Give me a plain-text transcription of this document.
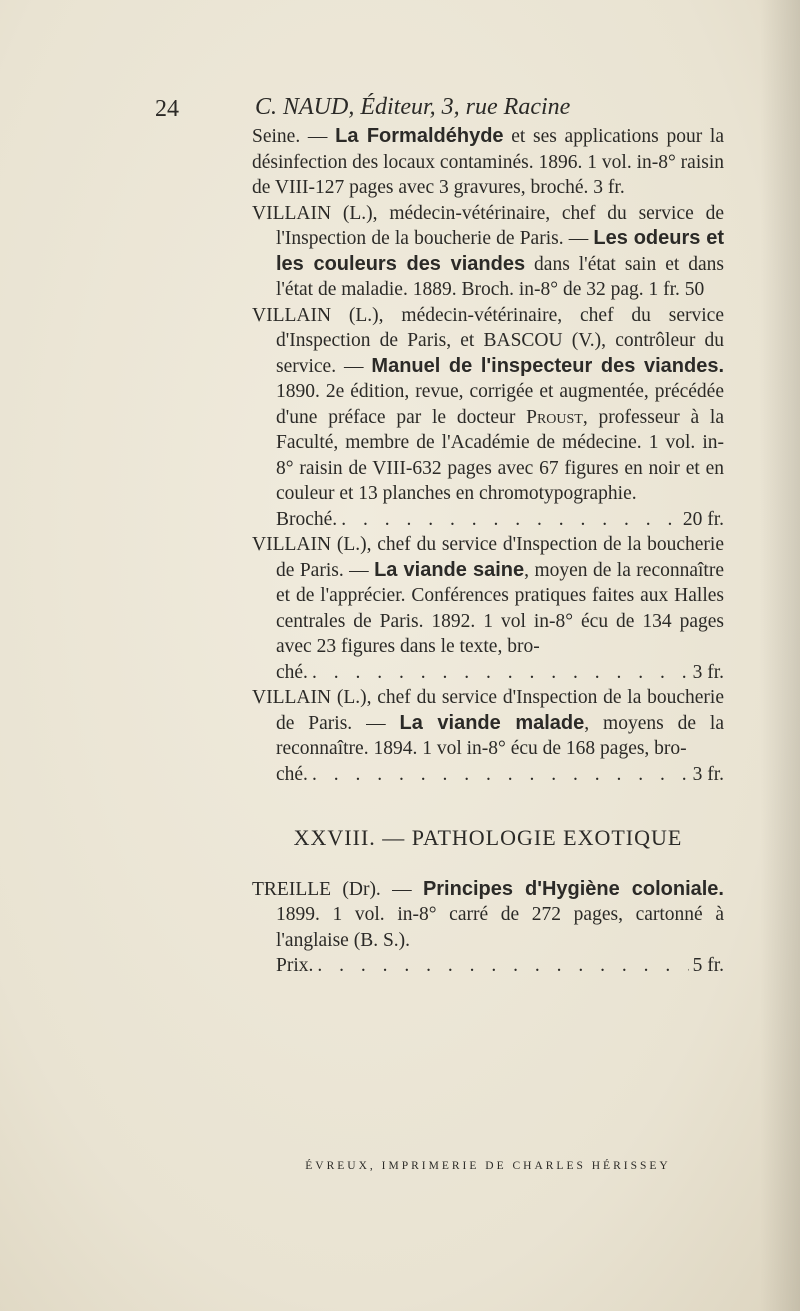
24	C. NAUD, Éditeur, 3, rue Racine
Seine. — La Formaldéhyde et ses applications pour la désinfection des locaux contaminés. 1896. 1 vol. in-8° raisin de VIII-127 pages avec 3 gravures, broché. 3 fr.
VILLAIN (L.), médecin-vétérinaire, chef du service de l'Inspection de la boucherie de Paris. — Les odeurs et les couleurs des viandes dans l'état sain et dans l'état de maladie. 1889. Broch. in-8° de 32 pag. 1 fr. 50
VILLAIN (L.), médecin-vétérinaire, chef du service d'Inspection de Paris, et BASCOU (V.), contrôleur du service. — Manuel de l'inspecteur des viandes. 1890. 2e édition, revue, corrigée et augmentée, précédée d'une préface par le docteur Proust, professeur à la Faculté, membre de l'Académie de médecine. 1 vol. in-8° raisin de VIII-632 pages avec 67 figures en noir et en couleur et 13 planches en chromotypographie.
Broché. . . .	20 fr.
VILLAIN (L.), chef du service d'Inspection de la boucherie de Paris. — La viande saine, moyen de la reconnaître et de l'apprécier. Conférences pratiques faites aux Halles centrales de Paris. 1892. 1 vol in-8° écu de 134 pages avec 23 figures dans le texte, bro-
ché. . . .	3 fr.
VILLAIN (L.), chef du service d'Inspection de la boucherie de Paris. — La viande malade, moyens de la reconnaître. 1894. 1 vol in-8° écu de 168 pages, bro-
ché. . . .	3 fr.
XXVIII. — PATHOLOGIE EXOTIQUE
TREILLE (Dr). — Principes d'Hygiène coloniale. 1899. 1 vol. in-8° carré de 272 pages, cartonné à l'anglaise (B. S.).
Prix. . . .	5 fr.
ÉVREUX, IMPRIMERIE DE CHARLES HÉRISSEY
